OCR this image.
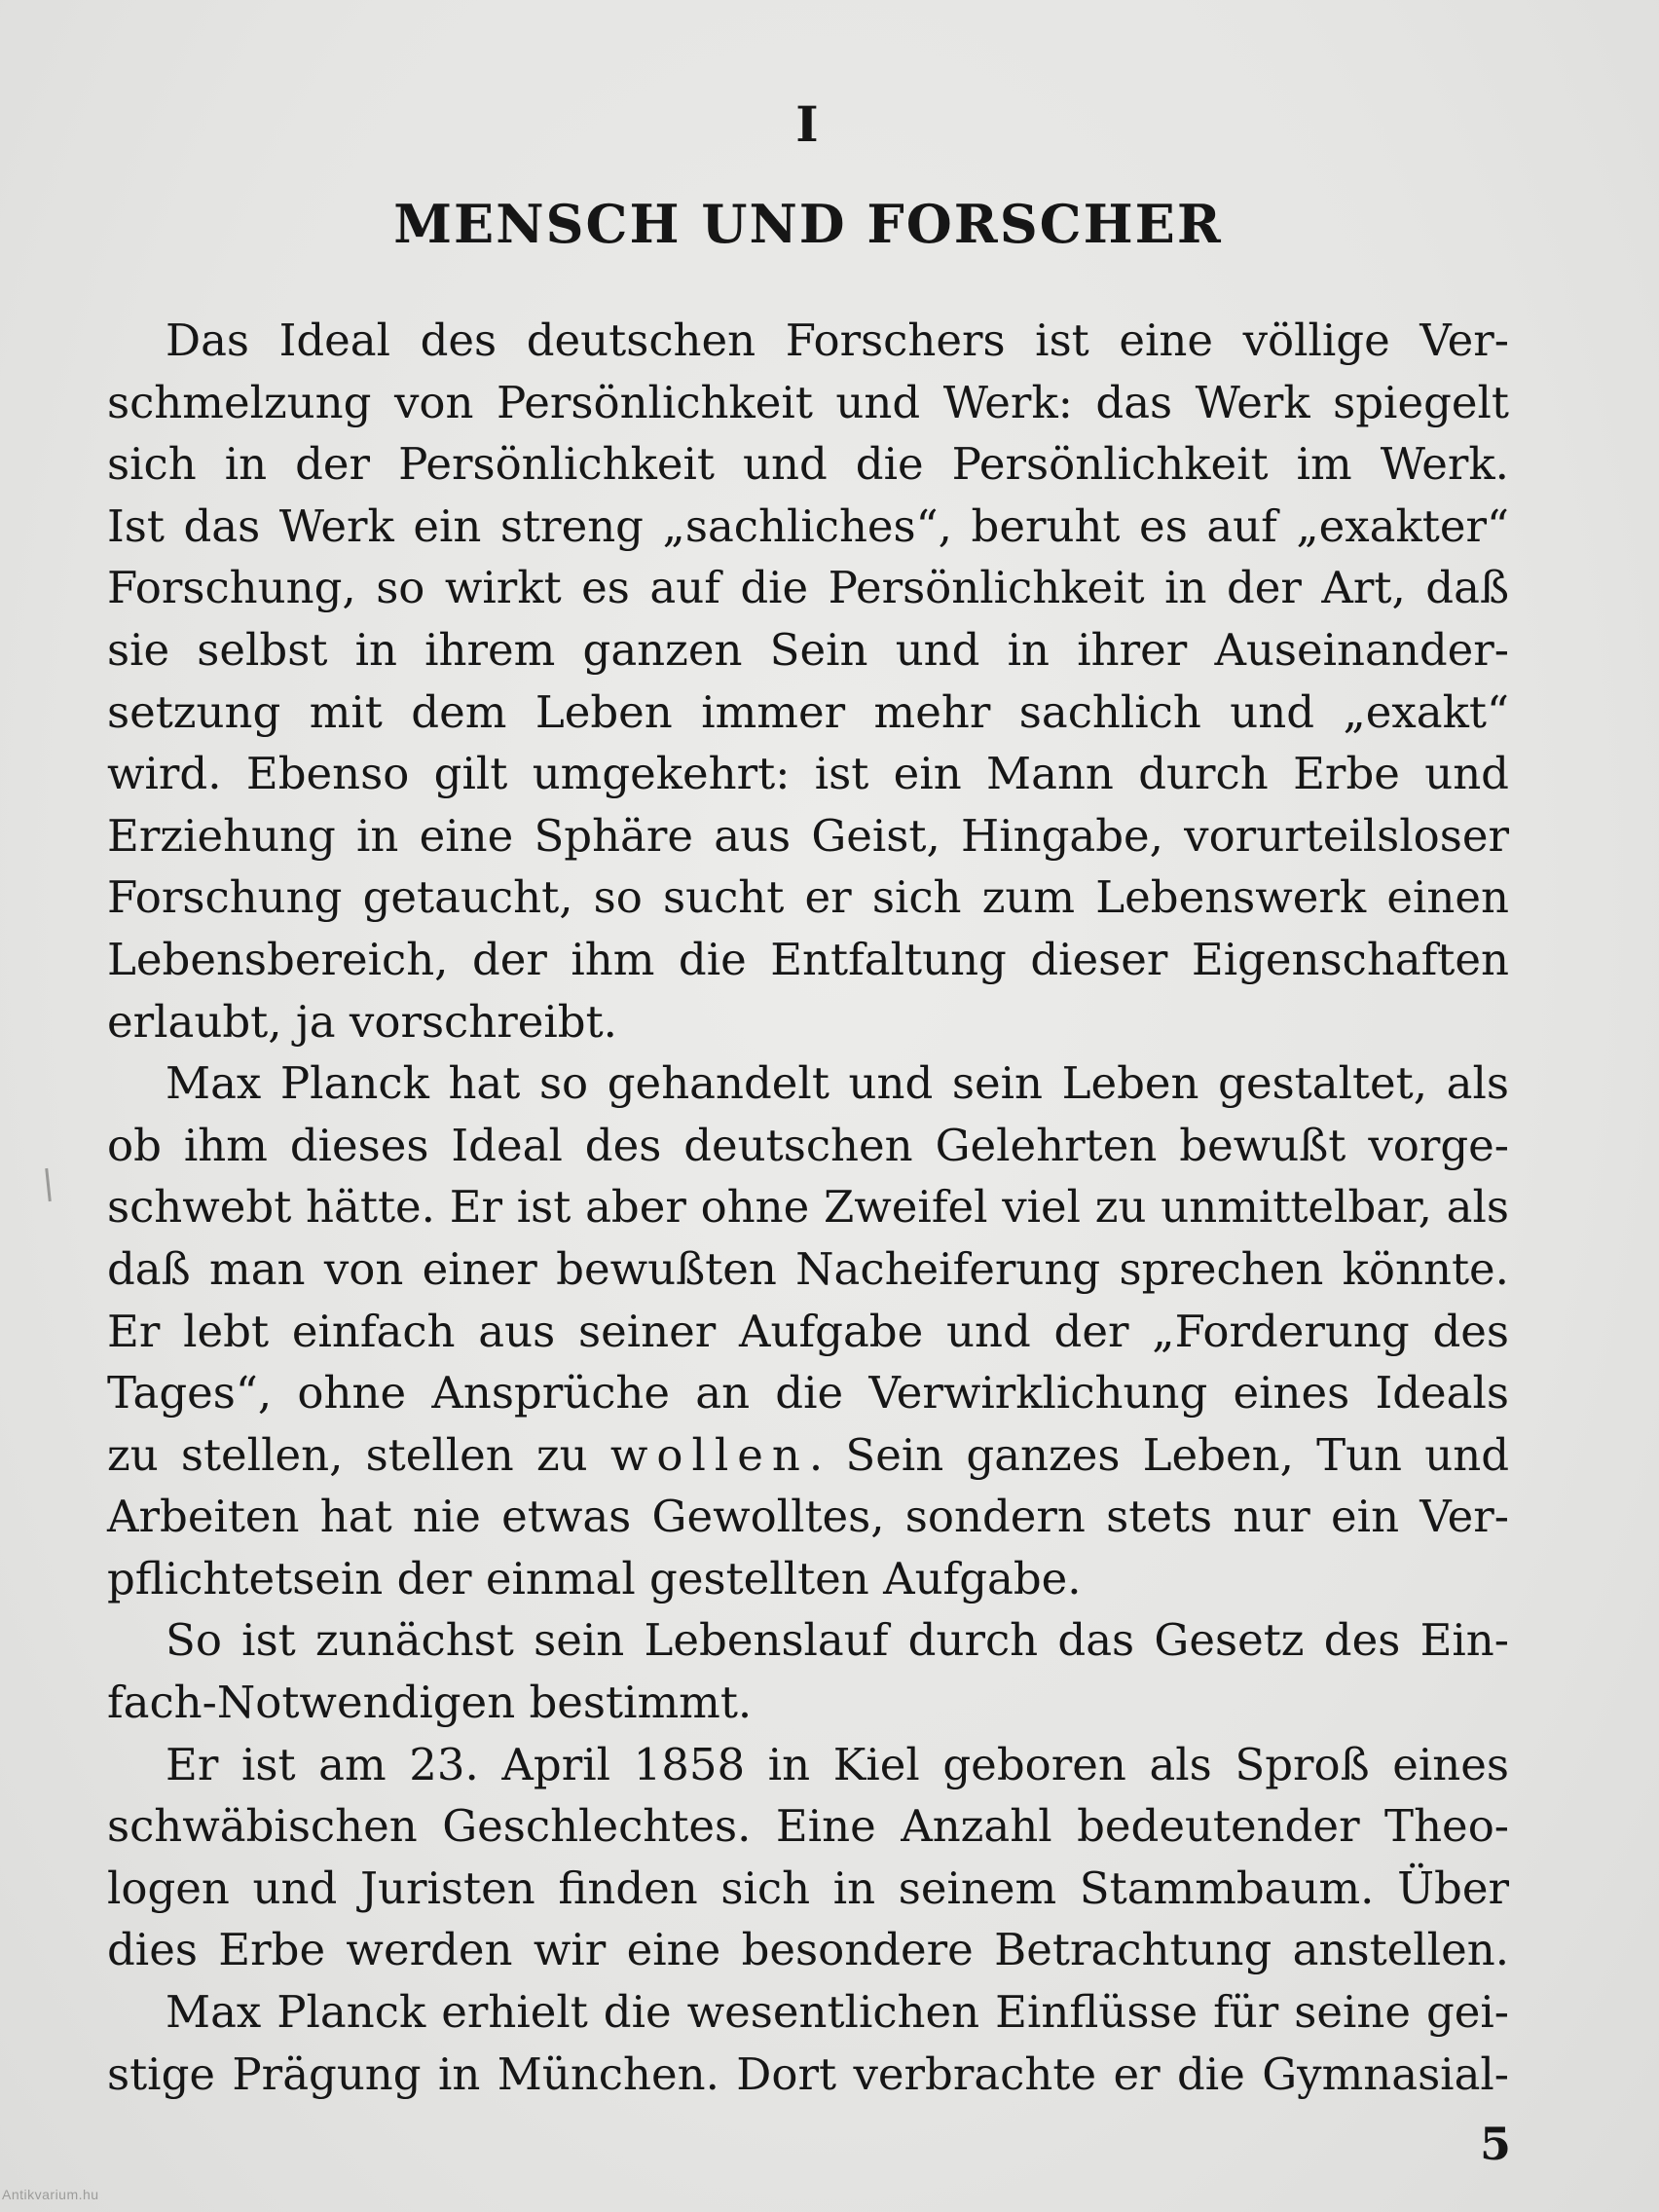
I
MENSCH UND FORSCHER
Das Ideal des deutschen Forschers ist eine völlige Ver-
schmelzung von Persönlichkeit und Werk: das Werk spiegelt
sich in der Persönlichkeit und die Persönlichkeit im Werk.
Ist das Werk ein streng „sachliches“, beruht es auf „exakter“
Forschung, so wirkt es auf die Persönlichkeit in der Art, daß
sie selbst in ihrem ganzen Sein und in ihrer Auseinander-
setzung mit dem Leben immer mehr sachlich und „exakt“
wird. Ebenso gilt umgekehrt: ist ein Mann durch Erbe und
Erziehung in eine Sphäre aus Geist, Hingabe, vorurteilsloser
Forschung getaucht, so sucht er sich zum Lebenswerk einen
Lebensbereich, der ihm die Entfaltung dieser Eigenschaften
erlaubt, ja vorschreibt.
Max Planck hat so gehandelt und sein Leben gestaltet, als
ob ihm dieses Ideal des deutschen Gelehrten bewußt vorge-
schwebt hätte. Er ist aber ohne Zweifel viel zu unmittelbar, als
daß man von einer bewußten Nacheiferung sprechen könnte.
Er lebt einfach aus seiner Aufgabe und der „Forderung des
Tages“, ohne Ansprüche an die Verwirklichung eines Ideals
zu stellen, stellen zu wollen. Sein ganzes Leben, Tun und
Arbeiten hat nie etwas Gewolltes, sondern stets nur ein Ver-
pflichtetsein der einmal gestellten Aufgabe.
So ist zunächst sein Lebenslauf durch das Gesetz des Ein-
fach-Notwendigen bestimmt.
Er ist am 23. April 1858 in Kiel geboren als Sproß eines
schwäbischen Geschlechtes. Eine Anzahl bedeutender Theo-
logen und Juristen finden sich in seinem Stammbaum. Über
dies Erbe werden wir eine besondere Betrachtung anstellen.
Max Planck erhielt die wesentlichen Einflüsse für seine gei-
stige Prägung in München. Dort verbrachte er die Gymnasial-
5
Antikvarium.hu
